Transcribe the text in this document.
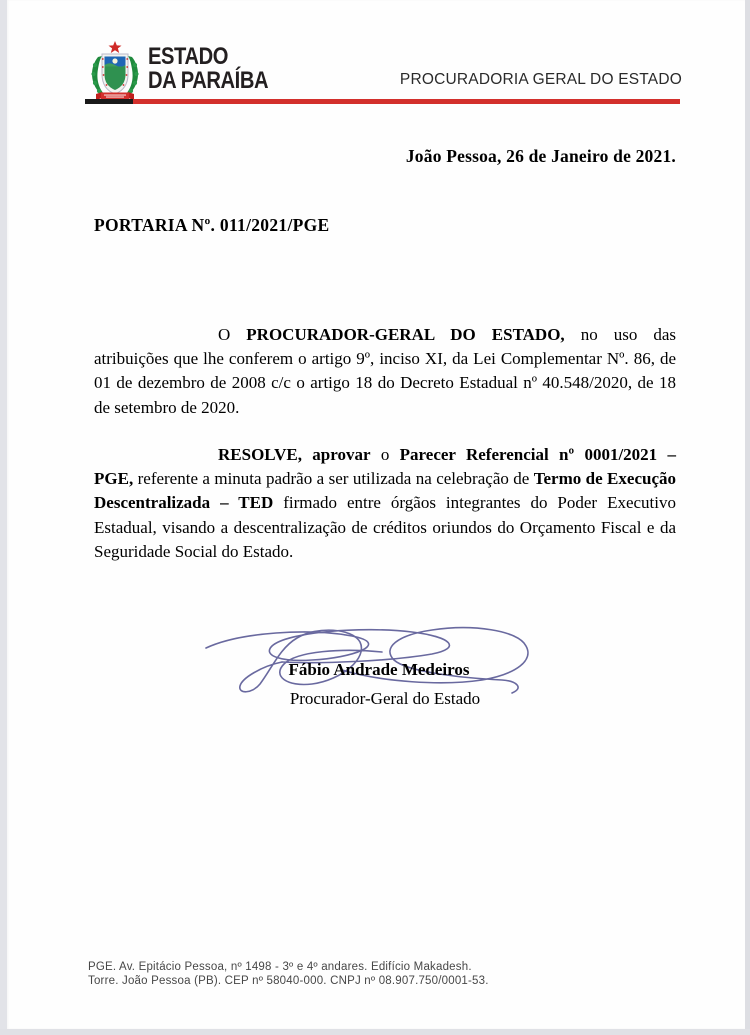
ESTADO
DA PARAÍBA	PROCURADORIA GERAL DO ESTADO
João Pessoa, 26 de Janeiro de 2021.
PORTARIA Nº. 011/2021/PGE

O PROCURADOR-GERAL DO ESTADO, no uso das atribuições que lhe conferem o artigo 9º, inciso XI, da Lei Complementar Nº. 86, de 01 de dezembro de 2008 c/c o artigo 18 do Decreto Estadual nº 40.548/2020, de 18 de setembro de 2020.

RESOLVE, aprovar o Parecer Referencial nº 0001/2021 – PGE, referente a minuta padrão a ser utilizada na celebração de Termo de Execução Descentralizada – TED firmado entre órgãos integrantes do Poder Executivo Estadual, visando a descentralização de créditos oriundos do Orçamento Fiscal e da Seguridade Social do Estado.

Fábio Andrade Medeiros
Procurador-Geral do Estado
PGE. Av. Epitácio Pessoa, nº 1498 - 3º e 4º andares. Edifício Makadesh.
Torre. João Pessoa (PB). CEP nº 58040-000. CNPJ nº 08.907.750/0001-53.
